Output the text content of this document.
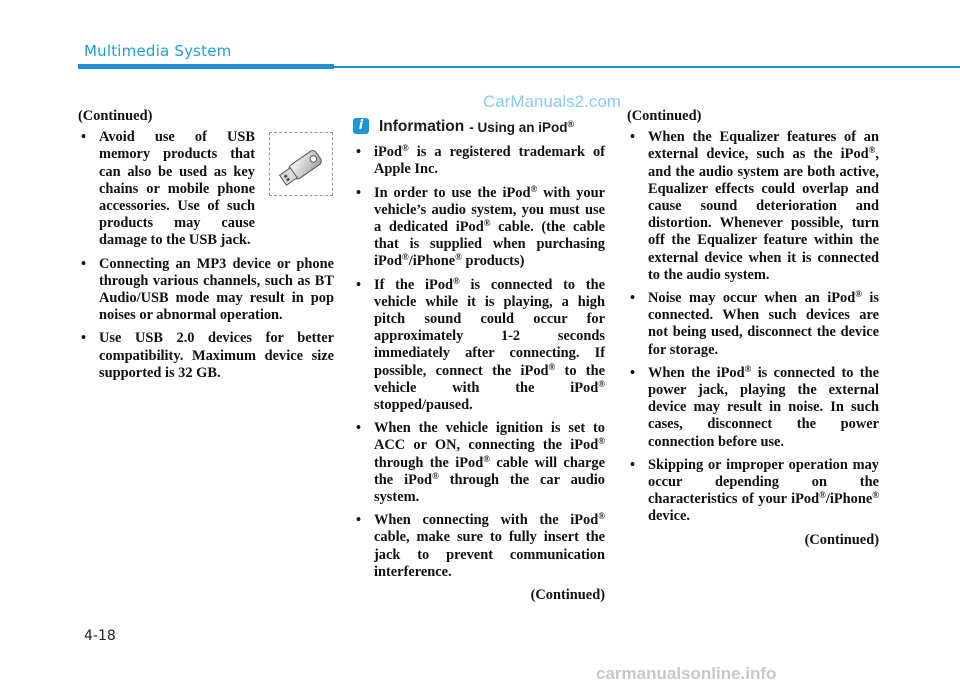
Multimedia System
CarManuals2.com
(Continued)
• Avoid use of USB memory products that can also be used as key chains or mobile phone accessories. Use of such products may cause damage to the USB jack.
• Connecting an MP3 device or phone through various channels, such as BT Audio/USB mode may result in pop noises or abnormal operation.
• Use USB 2.0 devices for better compatibility. Maximum device size supported is 32 GB.
i	Information - Using an iPod®
• iPod® is a registered trademark of Apple Inc.
• In order to use the iPod® with your vehicle’s audio system, you must use a dedicated iPod® cable. (the cable that is supplied when purchasing iPod®/iPhone® products)
• If the iPod® is connected to the vehicle while it is playing, a high pitch sound could occur for approximately 1-2 seconds immediately after connecting. If possible, connect the iPod® to the vehicle with the iPod® stopped/paused.
• When the vehicle ignition is set to ACC or ON, connecting the iPod® through the iPod® cable will charge the iPod® through the car audio system.
• When connecting with the iPod® cable, make sure to fully insert the jack to prevent communication interference.
(Continued)
(Continued)
• When the Equalizer features of an external device, such as the iPod®, and the audio system are both active, Equalizer effects could overlap and cause sound deterioration and distortion. Whenever possible, turn off the Equalizer feature within the external device when it is connected to the audio system.
• Noise may occur when an iPod® is connected. When such devices are not being used, disconnect the device for storage.
• When the iPod® is connected to the power jack, playing the external device may result in noise. In such cases, disconnect the power connection before use.
• Skipping or improper operation may occur depending on the characteristics of your iPod®/iPhone® device.
(Continued)
4-18
carmanualsonline.info
